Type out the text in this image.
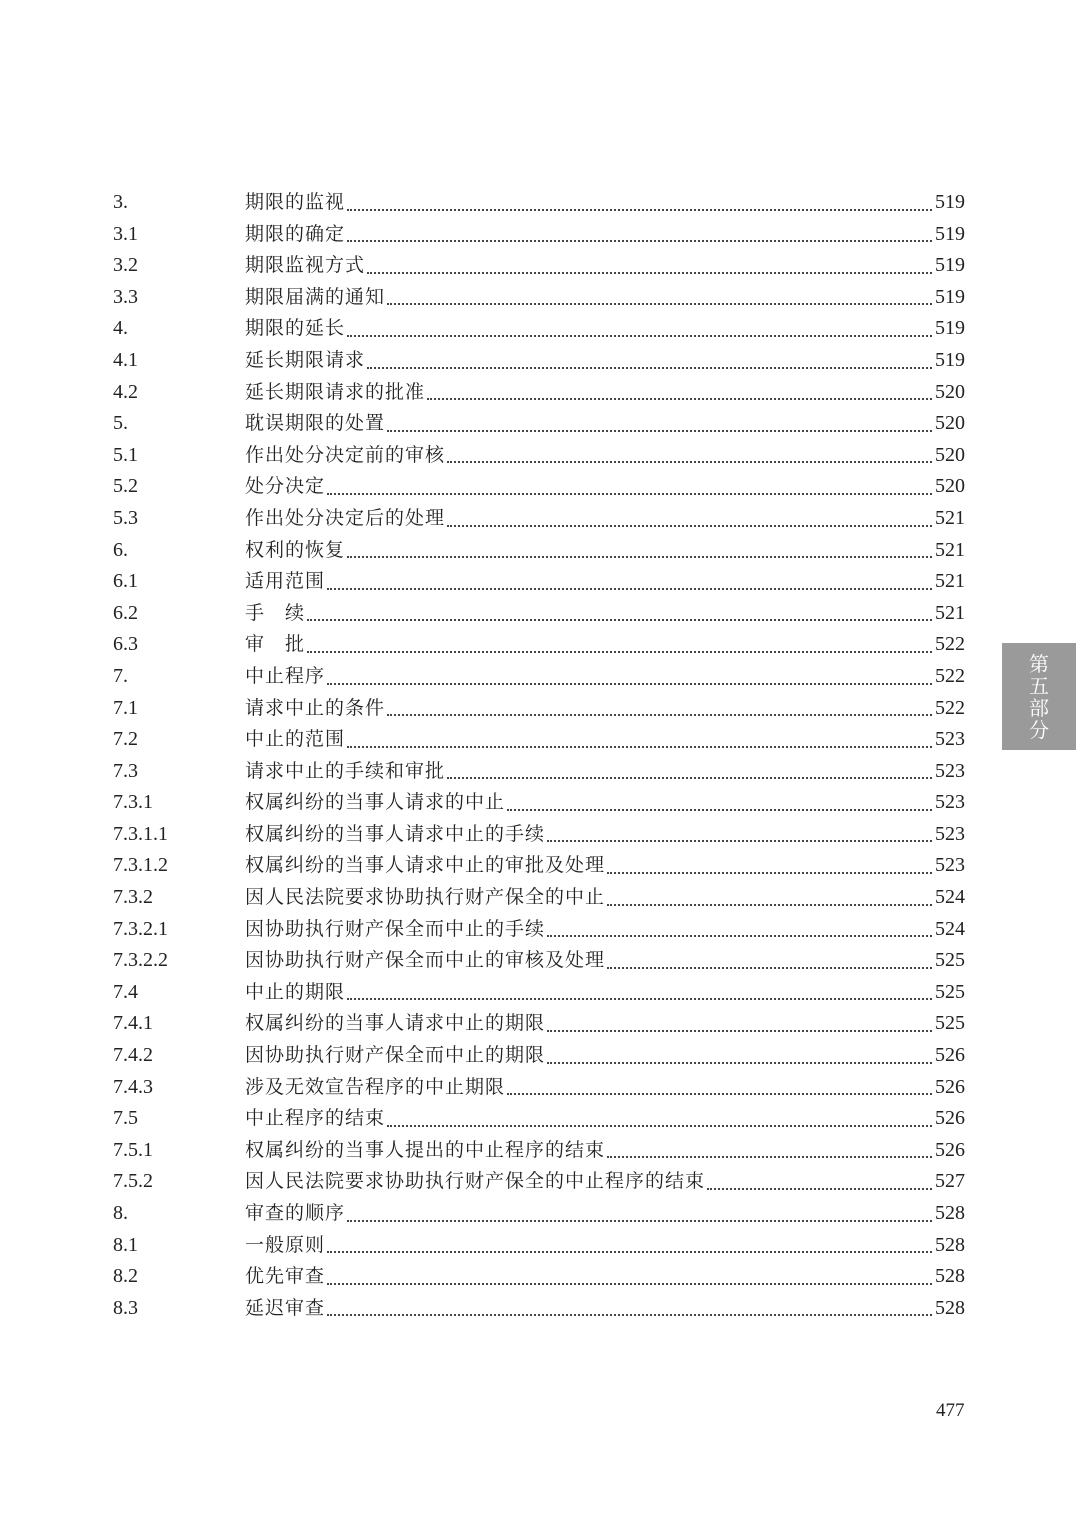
3.	期限的监视	519
3.1	期限的确定	519
3.2	期限监视方式	519
3.3	期限届满的通知	519
4.	期限的延长	519
4.1	延长期限请求	519
4.2	延长期限请求的批准	520
5.	耽误期限的处置	520
5.1	作出处分决定前的审核	520
5.2	处分决定	520
5.3	作出处分决定后的处理	521
6.	权利的恢复	521
6.1	适用范围	521
6.2	手　续	521
6.3	审　批	522
7.	中止程序	522
7.1	请求中止的条件	522
7.2	中止的范围	523
7.3	请求中止的手续和审批	523
7.3.1	权属纠纷的当事人请求的中止	523
7.3.1.1	权属纠纷的当事人请求中止的手续	523
7.3.1.2	权属纠纷的当事人请求中止的审批及处理	523
7.3.2	因人民法院要求协助执行财产保全的中止	524
7.3.2.1	因协助执行财产保全而中止的手续	524
7.3.2.2	因协助执行财产保全而中止的审核及处理	525
7.4	中止的期限	525
7.4.1	权属纠纷的当事人请求中止的期限	525
7.4.2	因协助执行财产保全而中止的期限	526
7.4.3	涉及无效宣告程序的中止期限	526
7.5	中止程序的结束	526
7.5.1	权属纠纷的当事人提出的中止程序的结束	526
7.5.2	因人民法院要求协助执行财产保全的中止程序的结束	527
8.	审查的顺序	528
8.1	一般原则	528
8.2	优先审查	528
8.3	延迟审查	528
第
五
部
分
477
